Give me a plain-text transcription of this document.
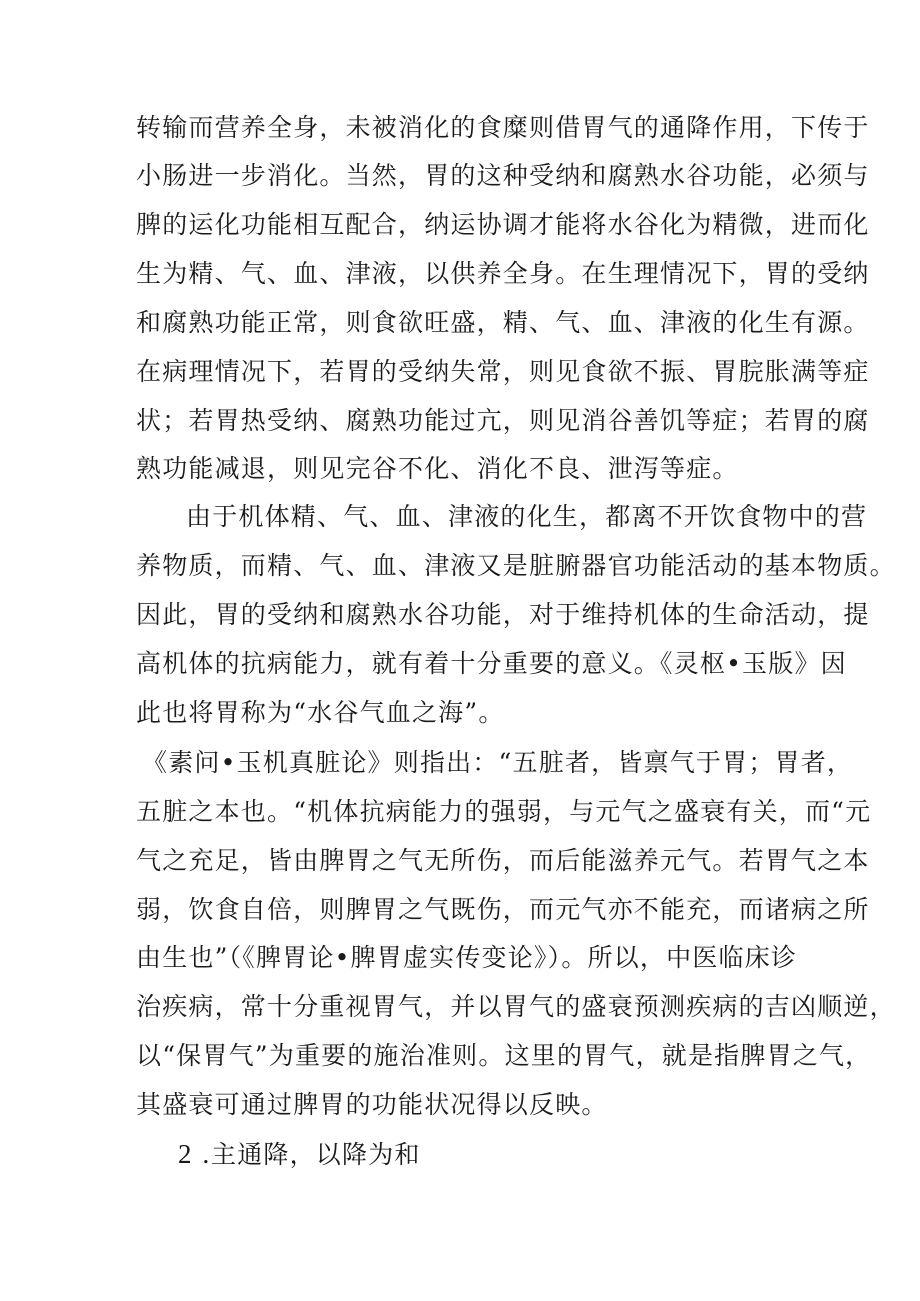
转输而营养全身，未被消化的食糜则借胃气的通降作用，下传于
小肠进一步消化。当然，胃的这种受纳和腐熟水谷功能，必须与
脾的运化功能相互配合，纳运协调才能将水谷化为精微，进而化
生为精、气、血、津液，以供养全身。在生理情况下，胃的受纳
和腐熟功能正常，则食欲旺盛，精、气、血、津液的化生有源。
在病理情况下，若胃的受纳失常，则见食欲不振、胃脘胀满等症
状；若胃热受纳、腐熟功能过亢，则见消谷善饥等症；若胃的腐
熟功能减退，则见完谷不化、消化不良、泄泻等症。
由于机体精、气、血、津液的化生，都离不开饮食物中的营
养物质，而精、气、血、津液又是脏腑器官功能活动的基本物质。
因此，胃的受纳和腐熟水谷功能，对于维持机体的生命活动，提
高机体的抗病能力，就有着十分重要的意义。《灵枢•玉版》因
此也将胃称为“水谷气血之海”。
《素问•玉机真脏论》则指出：“五脏者，皆禀气于胃；胃者，
五脏之本也。“机体抗病能力的强弱，与元气之盛衰有关，而“元
气之充足，皆由脾胃之气无所伤，而后能滋养元气。若胃气之本
弱，饮食自倍，则脾胃之气既伤，而元气亦不能充，而诸病之所
由生也”（《脾胃论•脾胃虚实传变论》）。所以，中医临床诊
治疾病，常十分重视胃气，并以胃气的盛衰预测疾病的吉凶顺逆，
以“保胃气”为重要的施治准则。这里的胃气，就是指脾胃之气，
其盛衰可通过脾胃的功能状况得以反映。
2 .主通降，以降为和
